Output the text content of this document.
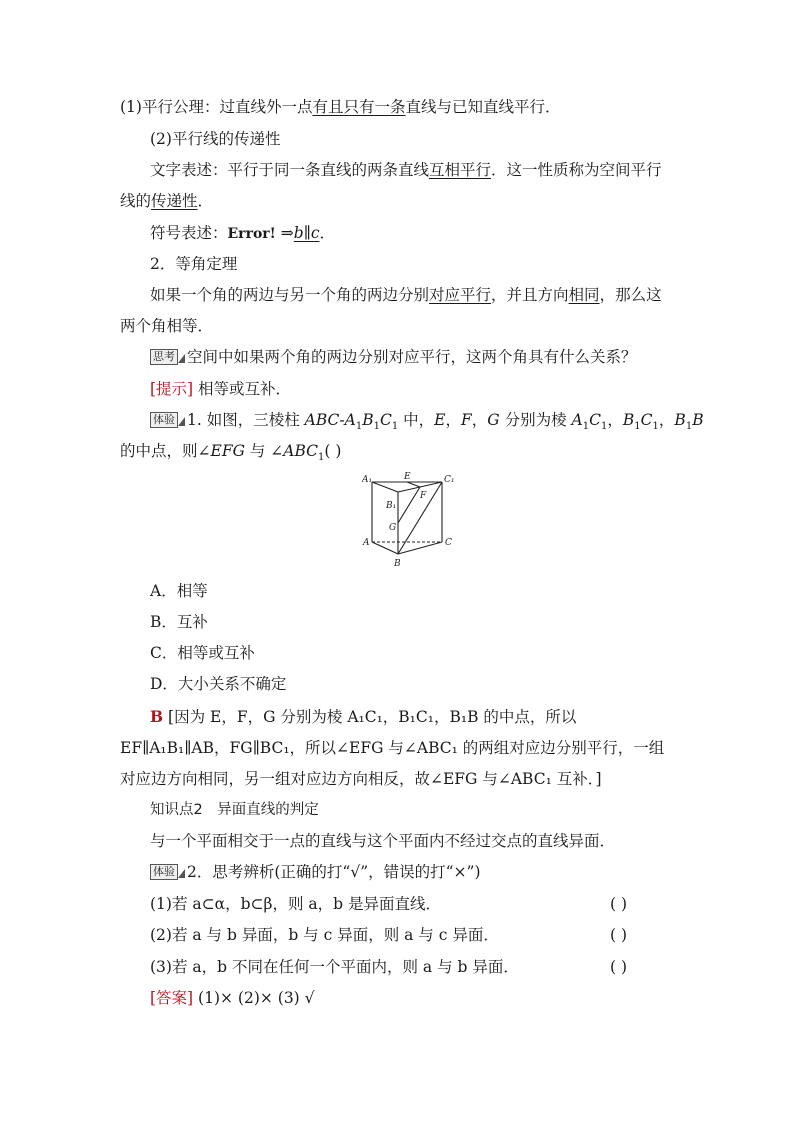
(1)平行公理：过直线外一点有且只有一条直线与已知直线平行．
(2)平行线的传递性
文字表述：平行于同一条直线的两条直线互相平行．这一性质称为空间平行
线的传递性．
符号表述：Error! ⇒b∥c．
2．等角定理
如果一个角的两边与另一个角的两边分别对应平行，并且方向相同，那么这
两个角相等．
思考 空间中如果两个角的两边分别对应平行，这两个角具有什么关系？
[提示] 相等或互补．
体验 1. 如图，三棱柱 ABC-$A_1B_1C_1$ 中，E，F，G 分别为棱 $A_1C_1$，$B_1C_1$，$B_1B$
的中点，则∠EFG 与 $\angle ABC_1$( )
A₁	E	C₁
F
B₁
G
A	C
B
A．相等
B．互补
C．相等或互补
D．大小关系不确定
B [因为 E，F，G 分别为棱 A₁C₁，B₁C₁，B₁B 的中点，所以
EF∥A₁B₁∥AB，FG∥BC₁，所以∠EFG 与∠ABC₁ 的两组对应边分别平行，一组
对应边方向相同，另一组对应边方向相反，故∠EFG 与∠ABC₁ 互补．]
知识点2　异面直线的判定
与一个平面相交于一点的直线与这个平面内不经过交点的直线异面．
体验 2．思考辨析(正确的打“√”，错误的打“×”)
(1)若 a⊂α，b⊂β，则 a，b 是异面直线．	( )
(2)若 a 与 b 异面，b 与 c 异面，则 a 与 c 异面．	( )
(3)若 a，b 不同在任何一个平面内，则 a 与 b 异面．	( )
[答案] (1)× (2)× (3) √
